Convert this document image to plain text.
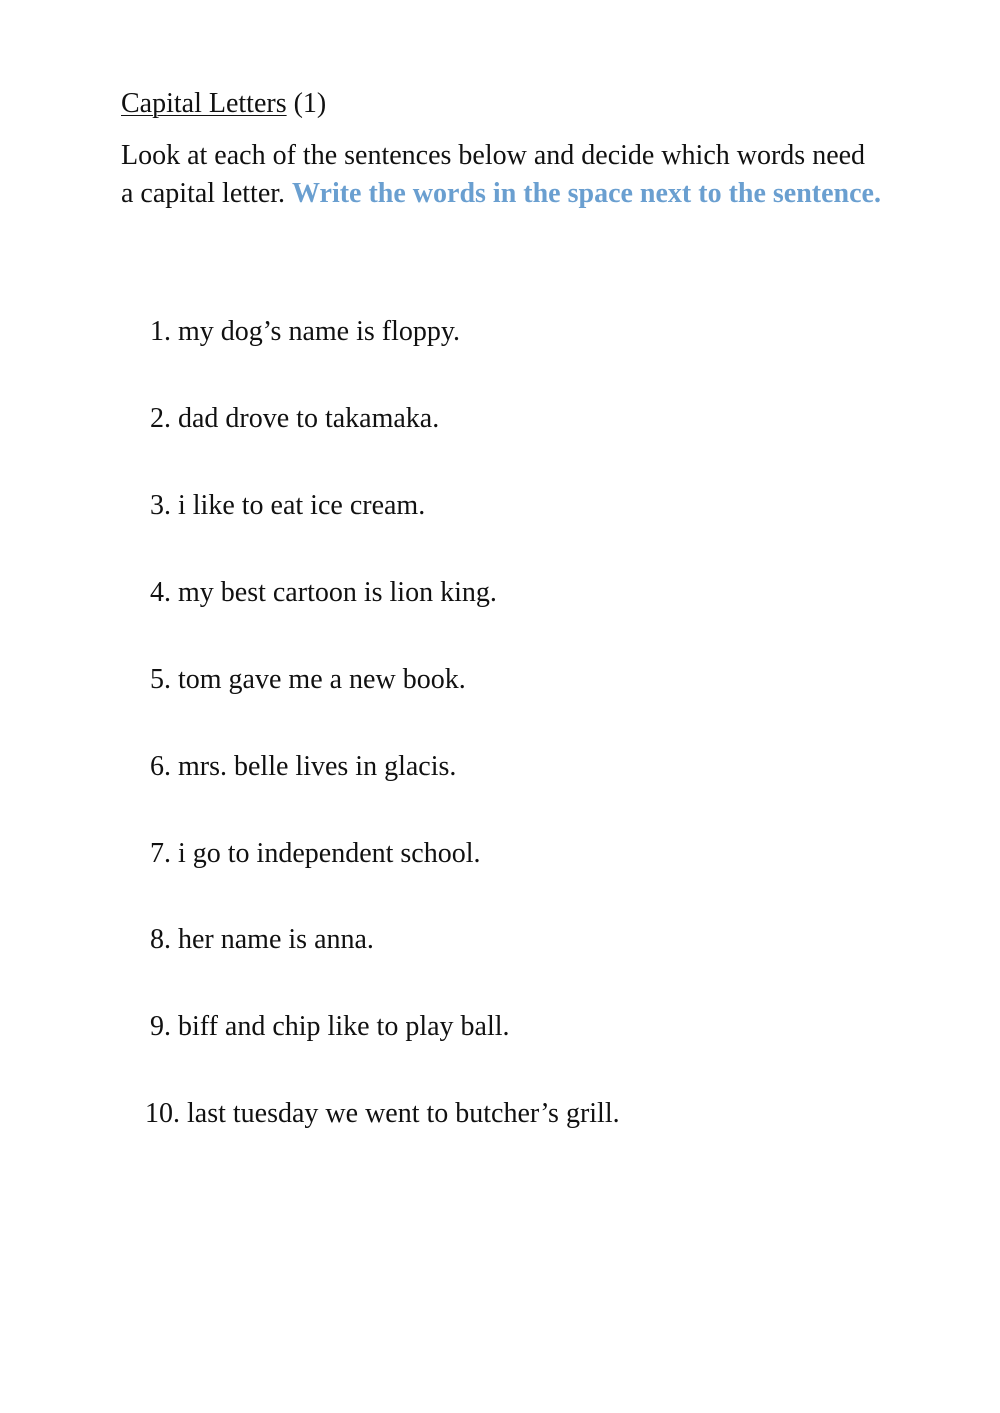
Capital Letters (1)
Look at each of the sentences below and decide which words need a capital letter. Write the words in the space next to the sentence.
1. my dog’s name is floppy.
2. dad drove to takamaka.
3. i like to eat ice cream.
4. my best cartoon is lion king.
5. tom gave me a new book.
6. mrs. belle lives in glacis.
7. i go to independent school.
8. her name is anna.
9. biff and chip like to play ball.
10. last tuesday we went to butcher’s grill.
